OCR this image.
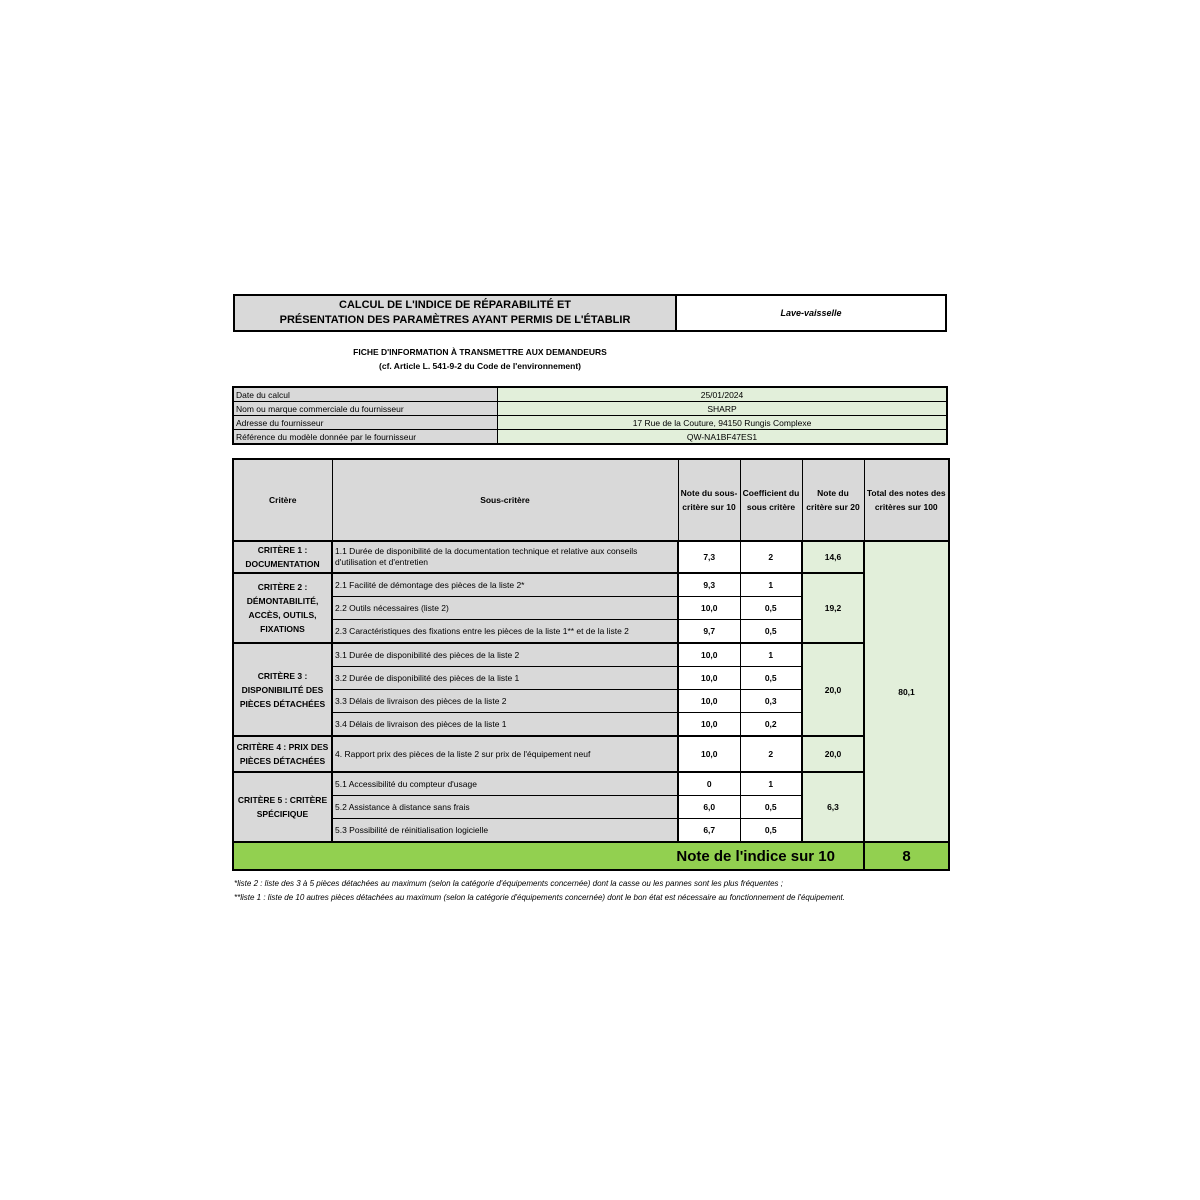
CALCUL DE L'INDICE DE RÉPARABILITÉ ET
PRÉSENTATION DES PARAMÈTRES AYANT PERMIS DE L'ÉTABLIR
Lave-vaisselle
FICHE D'INFORMATION À TRANSMETTRE AUX DEMANDEURS
(cf. Article L. 541-9-2 du Code de l'environnement)
Date du calcul	25/01/2024
Nom ou marque commerciale du fournisseur	SHARP
Adresse du fournisseur	17 Rue de la Couture, 94150 Rungis Complexe
Référence du modèle donnée par le fournisseur	QW-NA1BF47ES1
Critère	Sous-critère	Note du sous-critère sur 10	Coefficient du sous critère	Note du critère sur 20	Total des notes des critères sur 100
CRITÈRE 1 : DOCUMENTATION	1.1 Durée de disponibilité de la documentation technique et relative aux conseils d'utilisation et d'entretien	7,3	2	14,6	80,1
CRITÈRE 2 : DÉMONTABILITÉ, ACCÈS, OUTILS, FIXATIONS	2.1 Facilité de démontage des pièces de la liste 2*	9,3	1	19,2	
	2.2 Outils nécessaires (liste 2)	10,0	0,5		
	2.3 Caractéristiques des fixations entre les pièces de la liste 1** et de la liste 2	9,7	0,5		
CRITÈRE 3 : DISPONIBILITÉ DES PIÈCES DÉTACHÉES	3.1 Durée de disponibilité des pièces de la liste 2	10,0	1	20,0	
	3.2 Durée de disponibilité des pièces de la liste 1	10,0	0,5		
	3.3 Délais de livraison des pièces de la liste 2	10,0	0,3		
	3.4 Délais de livraison des pièces de la liste 1	10,0	0,2		
CRITÈRE 4 : PRIX DES PIÈCES DÉTACHÉES	4. Rapport prix des pièces de la liste 2 sur prix de l'équipement neuf	10,0	2	20,0	
CRITÈRE 5 : CRITÈRE SPÉCIFIQUE	5.1 Accessibilité du compteur d'usage	0	1	6,3	
	5.2 Assistance à distance sans frais	6,0	0,5		
	5.3 Possibilité de réinitialisation logicielle	6,7	0,5		
Note de l'indice sur 10					8
*liste 2 : liste des 3 à 5 pièces détachées au maximum (selon la catégorie d'équipements concernée) dont la casse ou les pannes sont les plus fréquentes ;
**liste 1 : liste de 10 autres pièces détachées au maximum (selon la catégorie d'équipements concernée) dont le bon état est nécessaire au fonctionnement de l'équipement.
